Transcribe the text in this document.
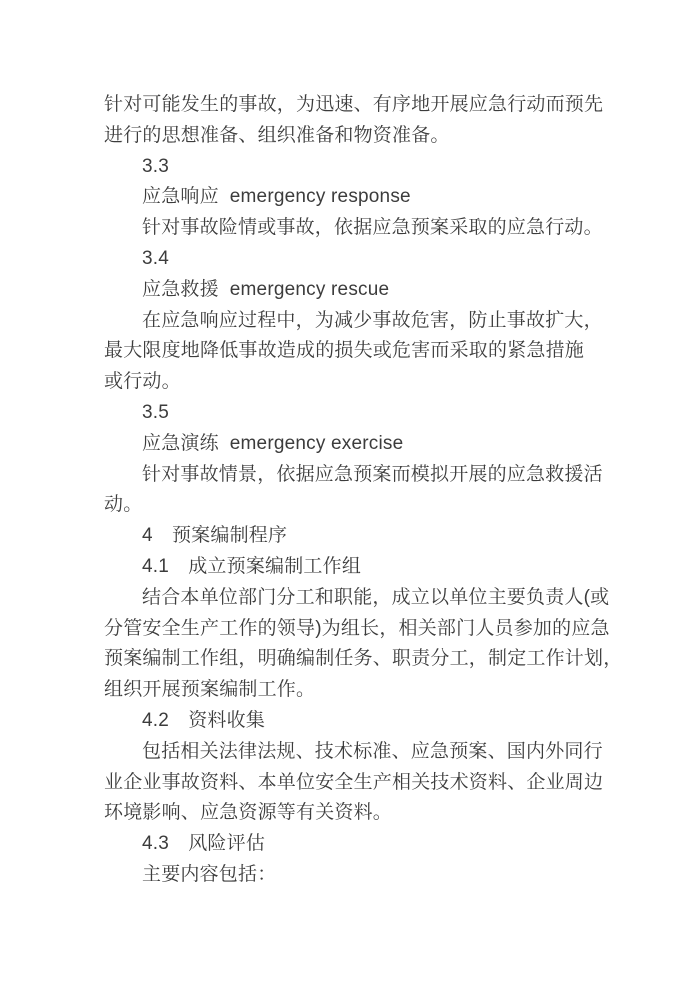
针对可能发生的事故，为迅速、有序地开展应急行动而预先
进行的思想准备、组织准备和物资准备。
3.3
应急响应  emergency response
针对事故险情或事故，依据应急预案采取的应急行动。
3.4
应急救援  emergency rescue
在应急响应过程中，为减少事故危害，防止事故扩大，
最大限度地降低事故造成的损失或危害而采取的紧急措施
或行动。
3.5
应急演练  emergency exercise
针对事故情景，依据应急预案而模拟开展的应急救援活
动。
4　预案编制程序
4.1　成立预案编制工作组
结合本单位部门分工和职能，成立以单位主要负责人(或
分管安全生产工作的领导)为组长，相关部门人员参加的应急
预案编制工作组，明确编制任务、职责分工，制定工作计划，
组织开展预案编制工作。
4.2　资料收集
包括相关法律法规、技术标准、应急预案、国内外同行
业企业事故资料、本单位安全生产相关技术资料、企业周边
环境影响、应急资源等有关资料。
4.3　风险评估
主要内容包括：
